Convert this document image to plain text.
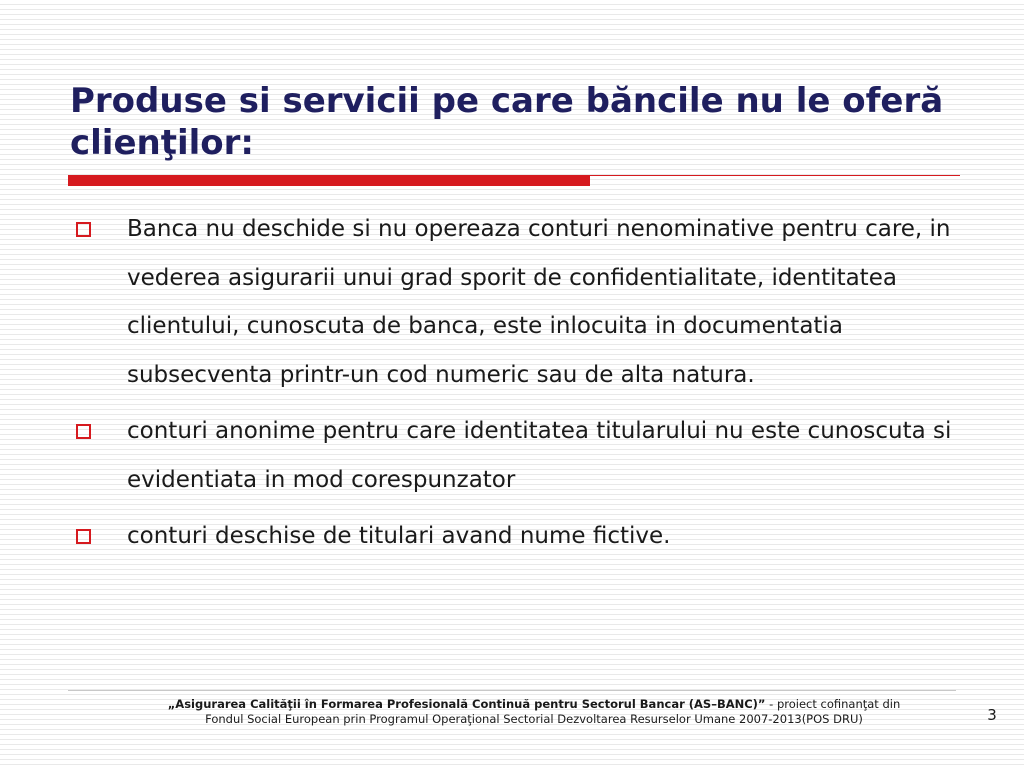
Produse si servicii pe care băncile nu le oferă clienţilor:
Banca nu deschide si nu opereaza conturi nenominative pentru care, in vederea asigurarii unui grad sporit de confidentialitate, identitatea clientului, cunoscuta de banca, este inlocuita in documentatia subsecventa printr-un cod numeric sau de alta natura.
conturi anonime pentru care identitatea titularului nu este cunoscuta si evidentiata in mod corespunzator
conturi deschise de titulari avand nume fictive.

„Asigurarea Calităţii în Formarea Profesională Continuă pentru Sectorul Bancar (AS–BANC)” - proiect cofinanţat din
Fondul Social European prin Programul Operaţional Sectorial Dezvoltarea Resurselor Umane 2007-2013(POS DRU)	3
